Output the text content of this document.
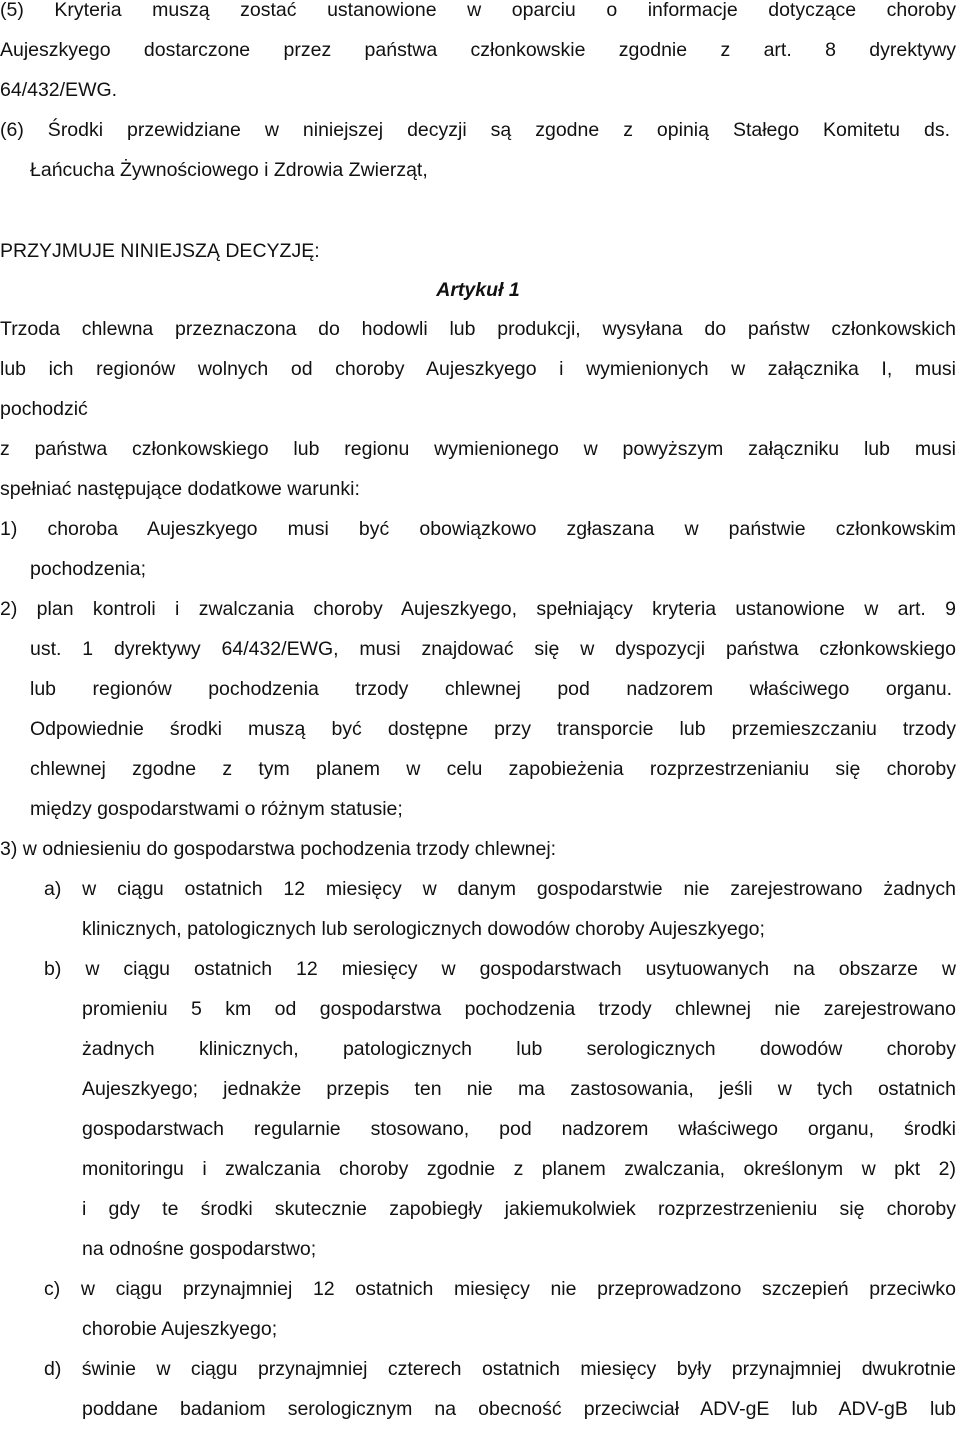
(5) Kryteria muszą zostać ustanowione w oparciu o informacje dotyczące choroby
Aujeszkyego dostarczone przez państwa członkowskie zgodnie z art. 8 dyrektywy
64/432/EWG.
(6) Środki przewidziane w niniejszej decyzji są zgodne z opinią Stałego Komitetu ds.
Łańcucha Żywnościowego i Zdrowia Zwierząt,
PRZYJMUJE NINIEJSZĄ DECYZJĘ:
Artykuł 1
Trzoda chlewna przeznaczona do hodowli lub produkcji, wysyłana do państw członkowskich
lub ich regionów wolnych od choroby Aujeszkyego i wymienionych w załącznika I, musi
pochodzić
z państwa członkowskiego lub regionu wymienionego w powyższym załączniku lub musi
spełniać następujące dodatkowe warunki:
1) choroba Aujeszkyego musi być obowiązkowo zgłaszana w państwie członkowskim
pochodzenia;
2) plan kontroli i zwalczania choroby Aujeszkyego, spełniający kryteria ustanowione w art. 9
ust. 1 dyrektywy 64/432/EWG, musi znajdować się w dyspozycji państwa członkowskiego
lub regionów pochodzenia trzody chlewnej pod nadzorem właściwego organu.
Odpowiednie środki muszą być dostępne przy transporcie lub przemieszczaniu trzody
chlewnej zgodne z tym planem w celu zapobieżenia rozprzestrzenianiu się choroby
między gospodarstwami o różnym statusie;
3) w odniesieniu do gospodarstwa pochodzenia trzody chlewnej:
a) w ciągu ostatnich 12 miesięcy w danym gospodarstwie nie zarejestrowano żadnych
klinicznych, patologicznych lub serologicznych dowodów choroby Aujeszkyego;
b) w ciągu ostatnich 12 miesięcy w gospodarstwach usytuowanych na obszarze w
promieniu 5 km od gospodarstwa pochodzenia trzody chlewnej nie zarejestrowano
żadnych klinicznych, patologicznych lub serologicznych dowodów choroby
Aujeszkyego; jednakże przepis ten nie ma zastosowania, jeśli w tych ostatnich
gospodarstwach regularnie stosowano, pod nadzorem właściwego organu, środki
monitoringu i zwalczania choroby zgodnie z planem zwalczania, określonym w pkt 2)
i gdy te środki skutecznie zapobiegły jakiemukolwiek rozprzestrzenieniu się choroby
na odnośne gospodarstwo;
c) w ciągu przynajmniej 12 ostatnich miesięcy nie przeprowadzono szczepień przeciwko
chorobie Aujeszkyego;
d) świnie w ciągu przynajmniej czterech ostatnich miesięcy były przynajmniej dwukrotnie
poddane badaniom serologicznym na obecność przeciwciał ADV-gE lub ADV-gB lub
